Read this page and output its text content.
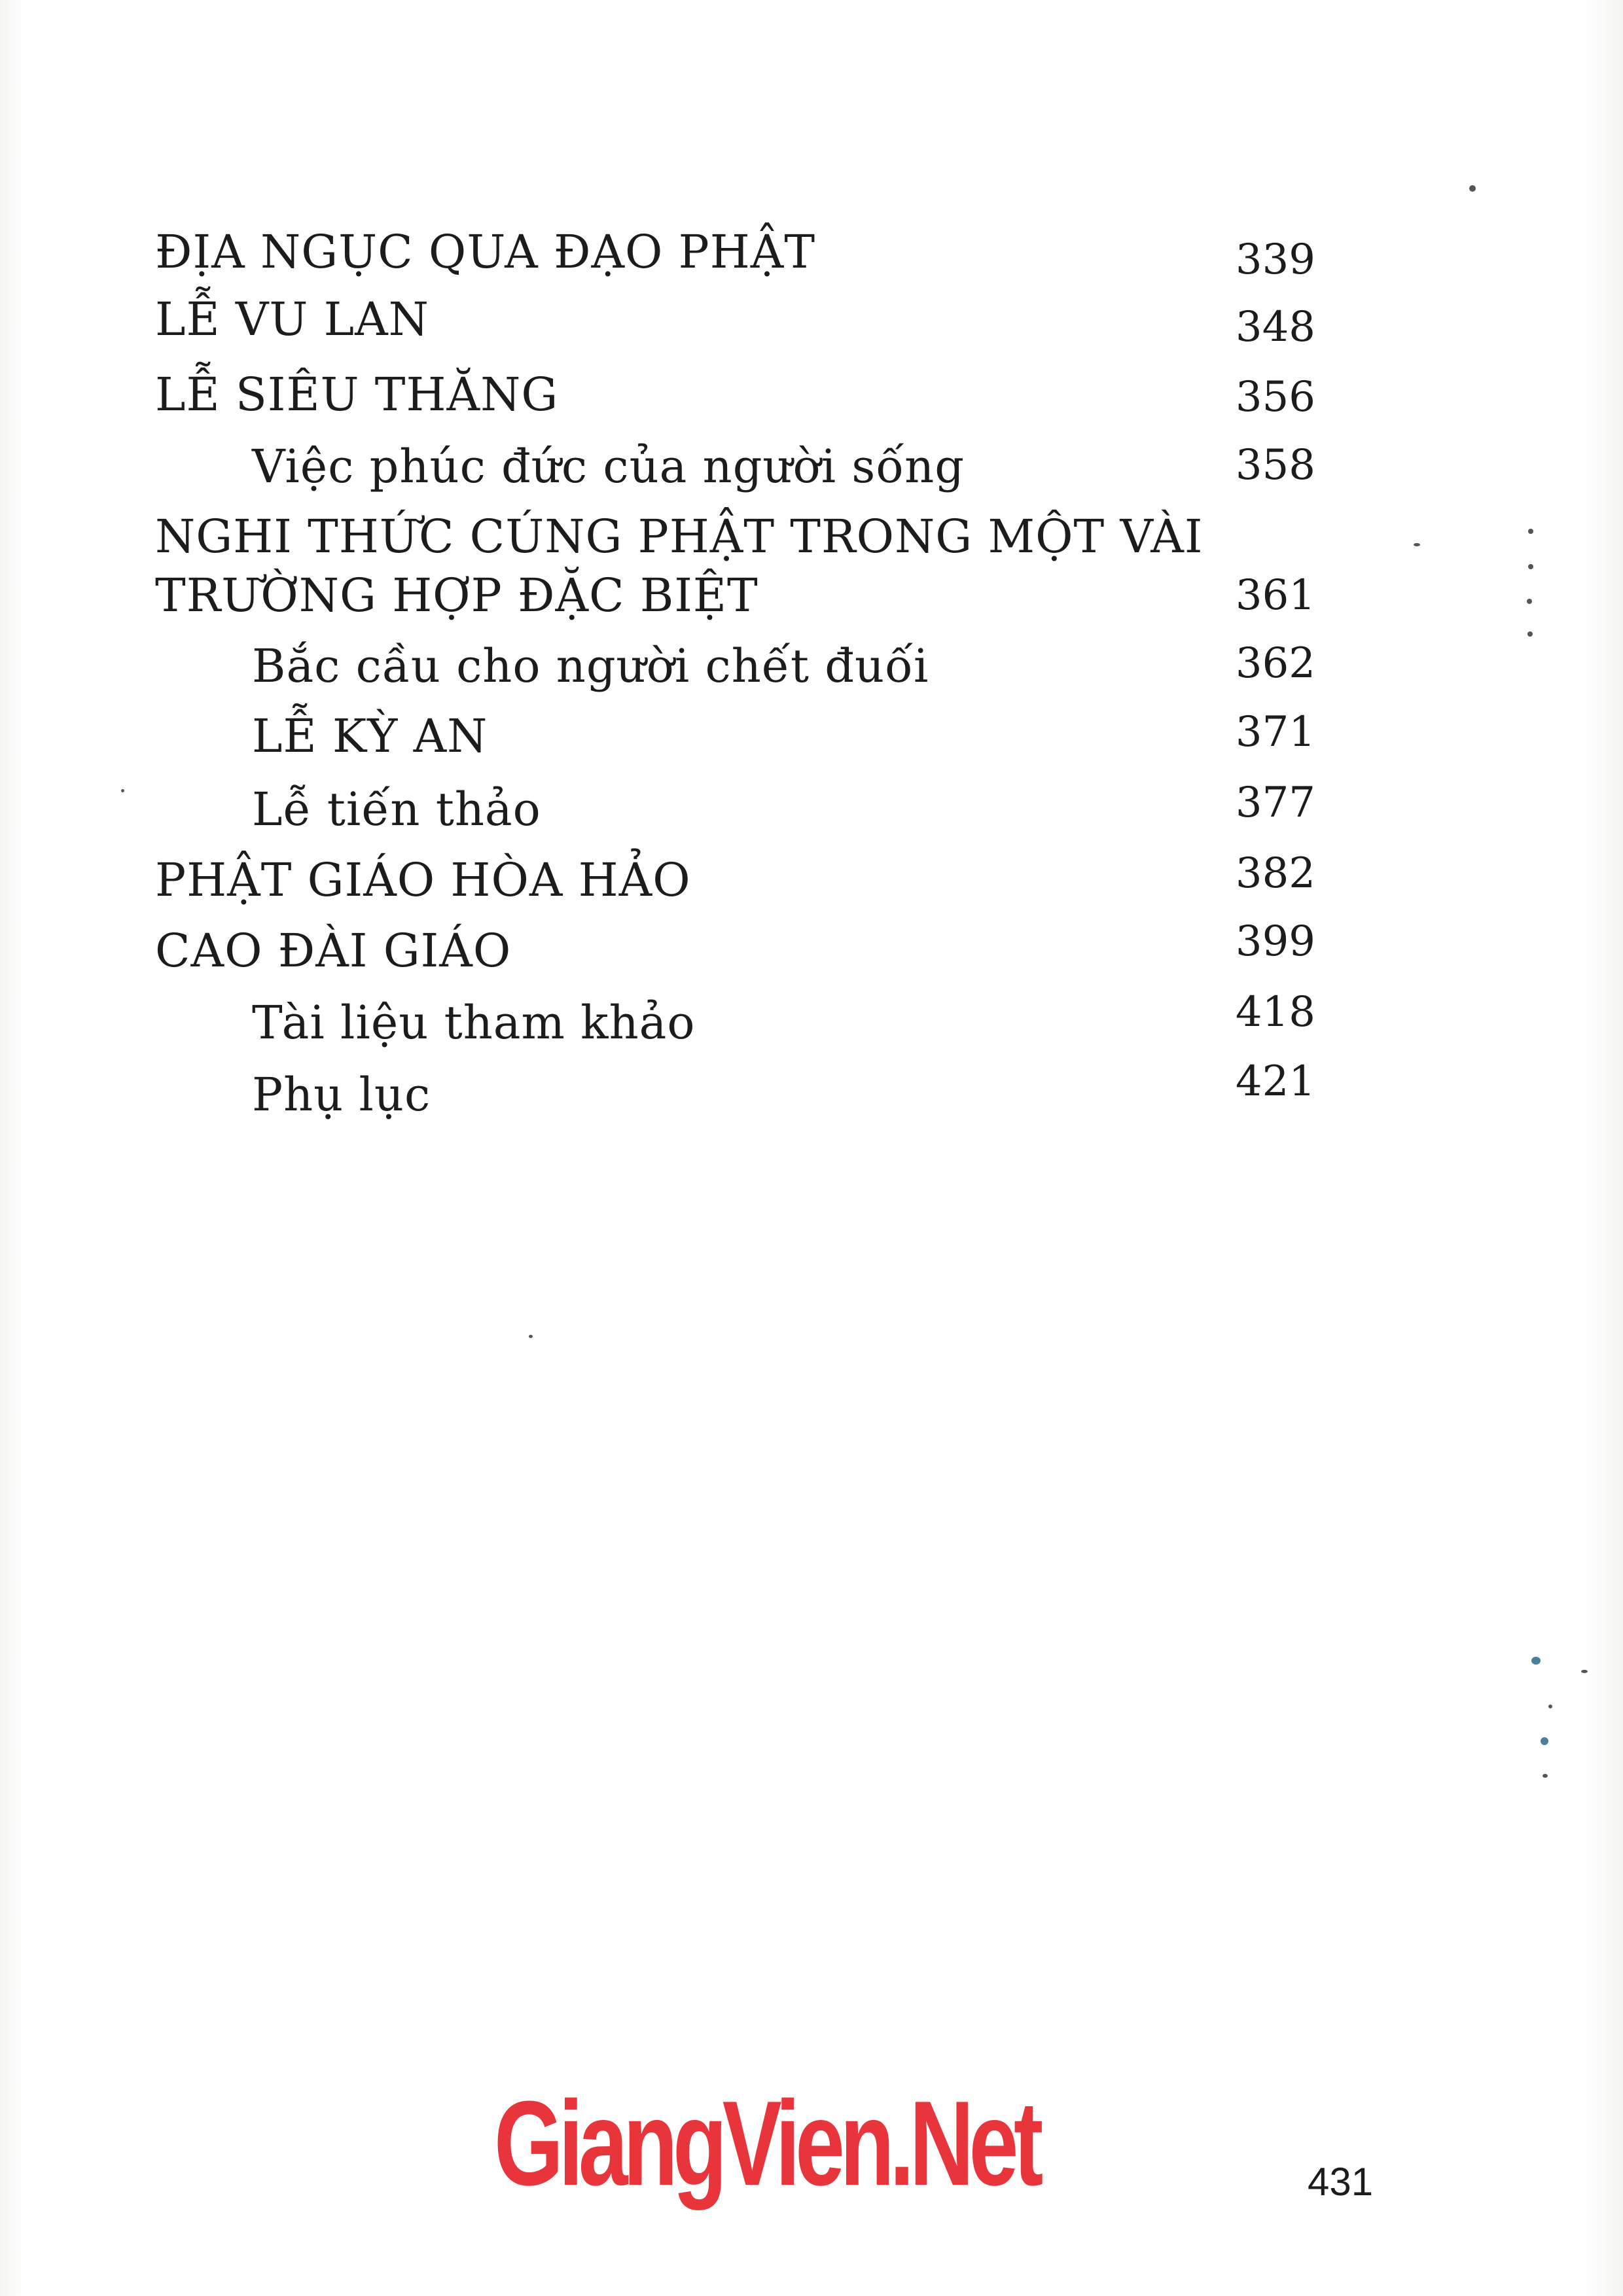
ĐỊA NGỤC QUA ĐẠO PHẬT	339
LỄ VU LAN	348
LỄ SIÊU THĂNG	356
Việc phúc đức của người sống	358
NGHI THỨC CÚNG PHẬT TRONG MỘT VÀI
TRƯỜNG HỢP ĐẶC BIỆT	361
Bắc cầu cho người chết đuối	362
LỄ KỲ AN	371
Lễ tiến thảo	377
PHẬT GIÁO HÒA HẢO	382
CAO ĐÀI GIÁO	399
Tài liệu tham khảo	418
Phụ lục	421
GiangVien.Net	431
